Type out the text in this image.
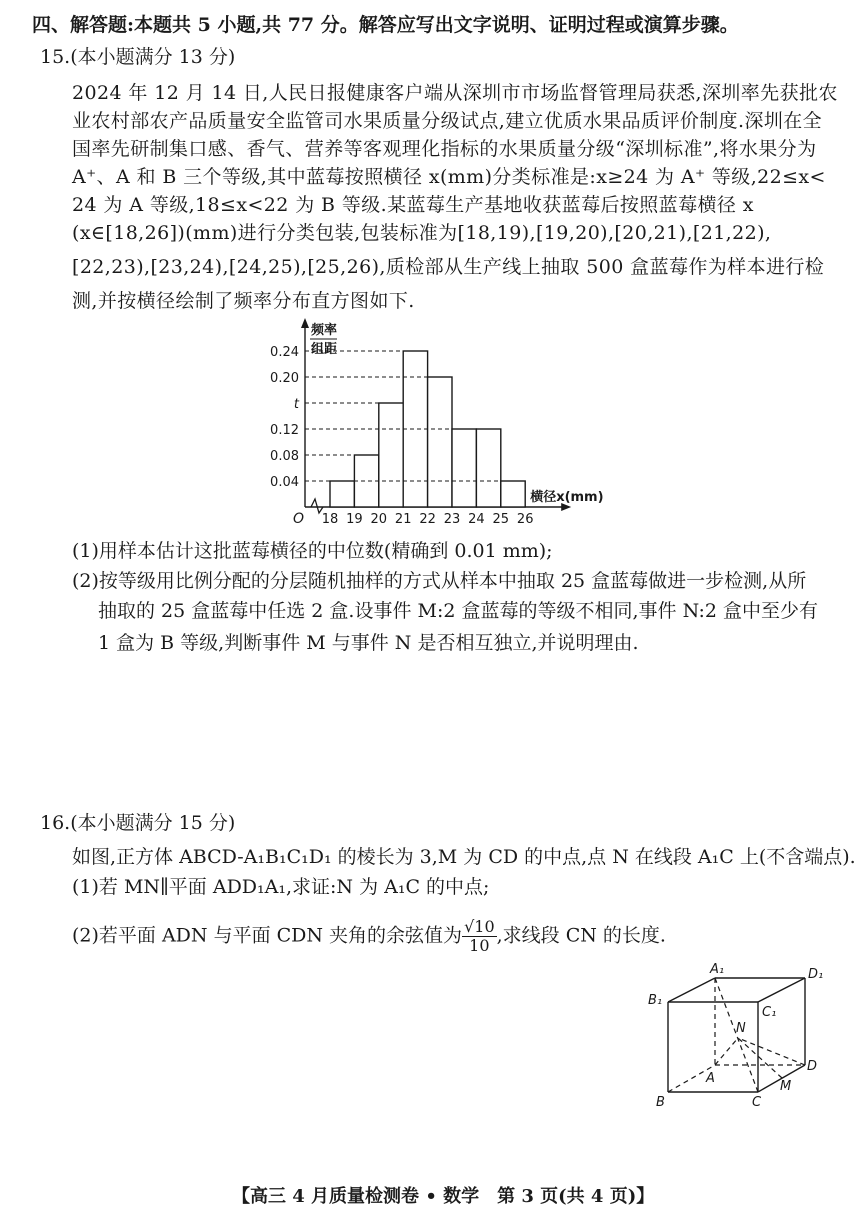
四、解答题:本题共 5 小题,共 77 分。解答应写出文字说明、证明过程或演算步骤。
15.(本小题满分 13 分)
2024 年 12 月 14 日,人民日报健康客户端从深圳市市场监督管理局获悉,深圳率先获批农
业农村部农产品质量安全监管司水果质量分级试点,建立优质水果品质评价制度.深圳在全
国率先研制集口感、香气、营养等客观理化指标的水果质量分级“深圳标准”,将水果分为
A⁺、A 和 B 三个等级,其中蓝莓按照横径 x(mm)分类标准是:x≥24 为 A⁺ 等级,22≤x<
24 为 A 等级,18≤x<22 为 B 等级.某蓝莓生产基地收获蓝莓后按照蓝莓横径 x
(x∈[18,26])(mm)进行分类包装,包装标准为[18,19),[19,20),[20,21),[21,22),
[22,23),[23,24),[24,25),[25,26),质检部从生产线上抽取 500 盒蓝莓作为样本进行检
测,并按横径绘制了频率分布直方图如下.
0.04
0.08
0.12
t
0.20
0.24
18 19 20 21 22 23 24 25 26
O
频率
组距
横径x(mm)
(1)用样本估计这批蓝莓横径的中位数(精确到 0.01 mm);
(2)按等级用比例分配的分层随机抽样的方式从样本中抽取 25 盒蓝莓做进一步检测,从所
抽取的 25 盒蓝莓中任选 2 盒.设事件 M:2 盒蓝莓的等级不相同,事件 N:2 盒中至少有
1 盒为 B 等级,判断事件 M 与事件 N 是否相互独立,并说明理由.
16.(本小题满分 15 分)
如图,正方体 ABCD-A₁B₁C₁D₁ 的棱长为 3,M 为 CD 的中点,点 N 在线段 A₁C 上(不含端点).
(1)若 MN∥平面 ADD₁A₁,求证:N 为 A₁C 的中点;
(2)若平面 ADN 与平面 CDN 夹角的余弦值为 $\frac{√10}{10}$ ,求线段 CN 的长度.
A₁
B₁
C₁
D₁
A
B	C
D
M
N
【高三 4 月质量检测卷 • 数学　第 3 页(共 4 页)】
